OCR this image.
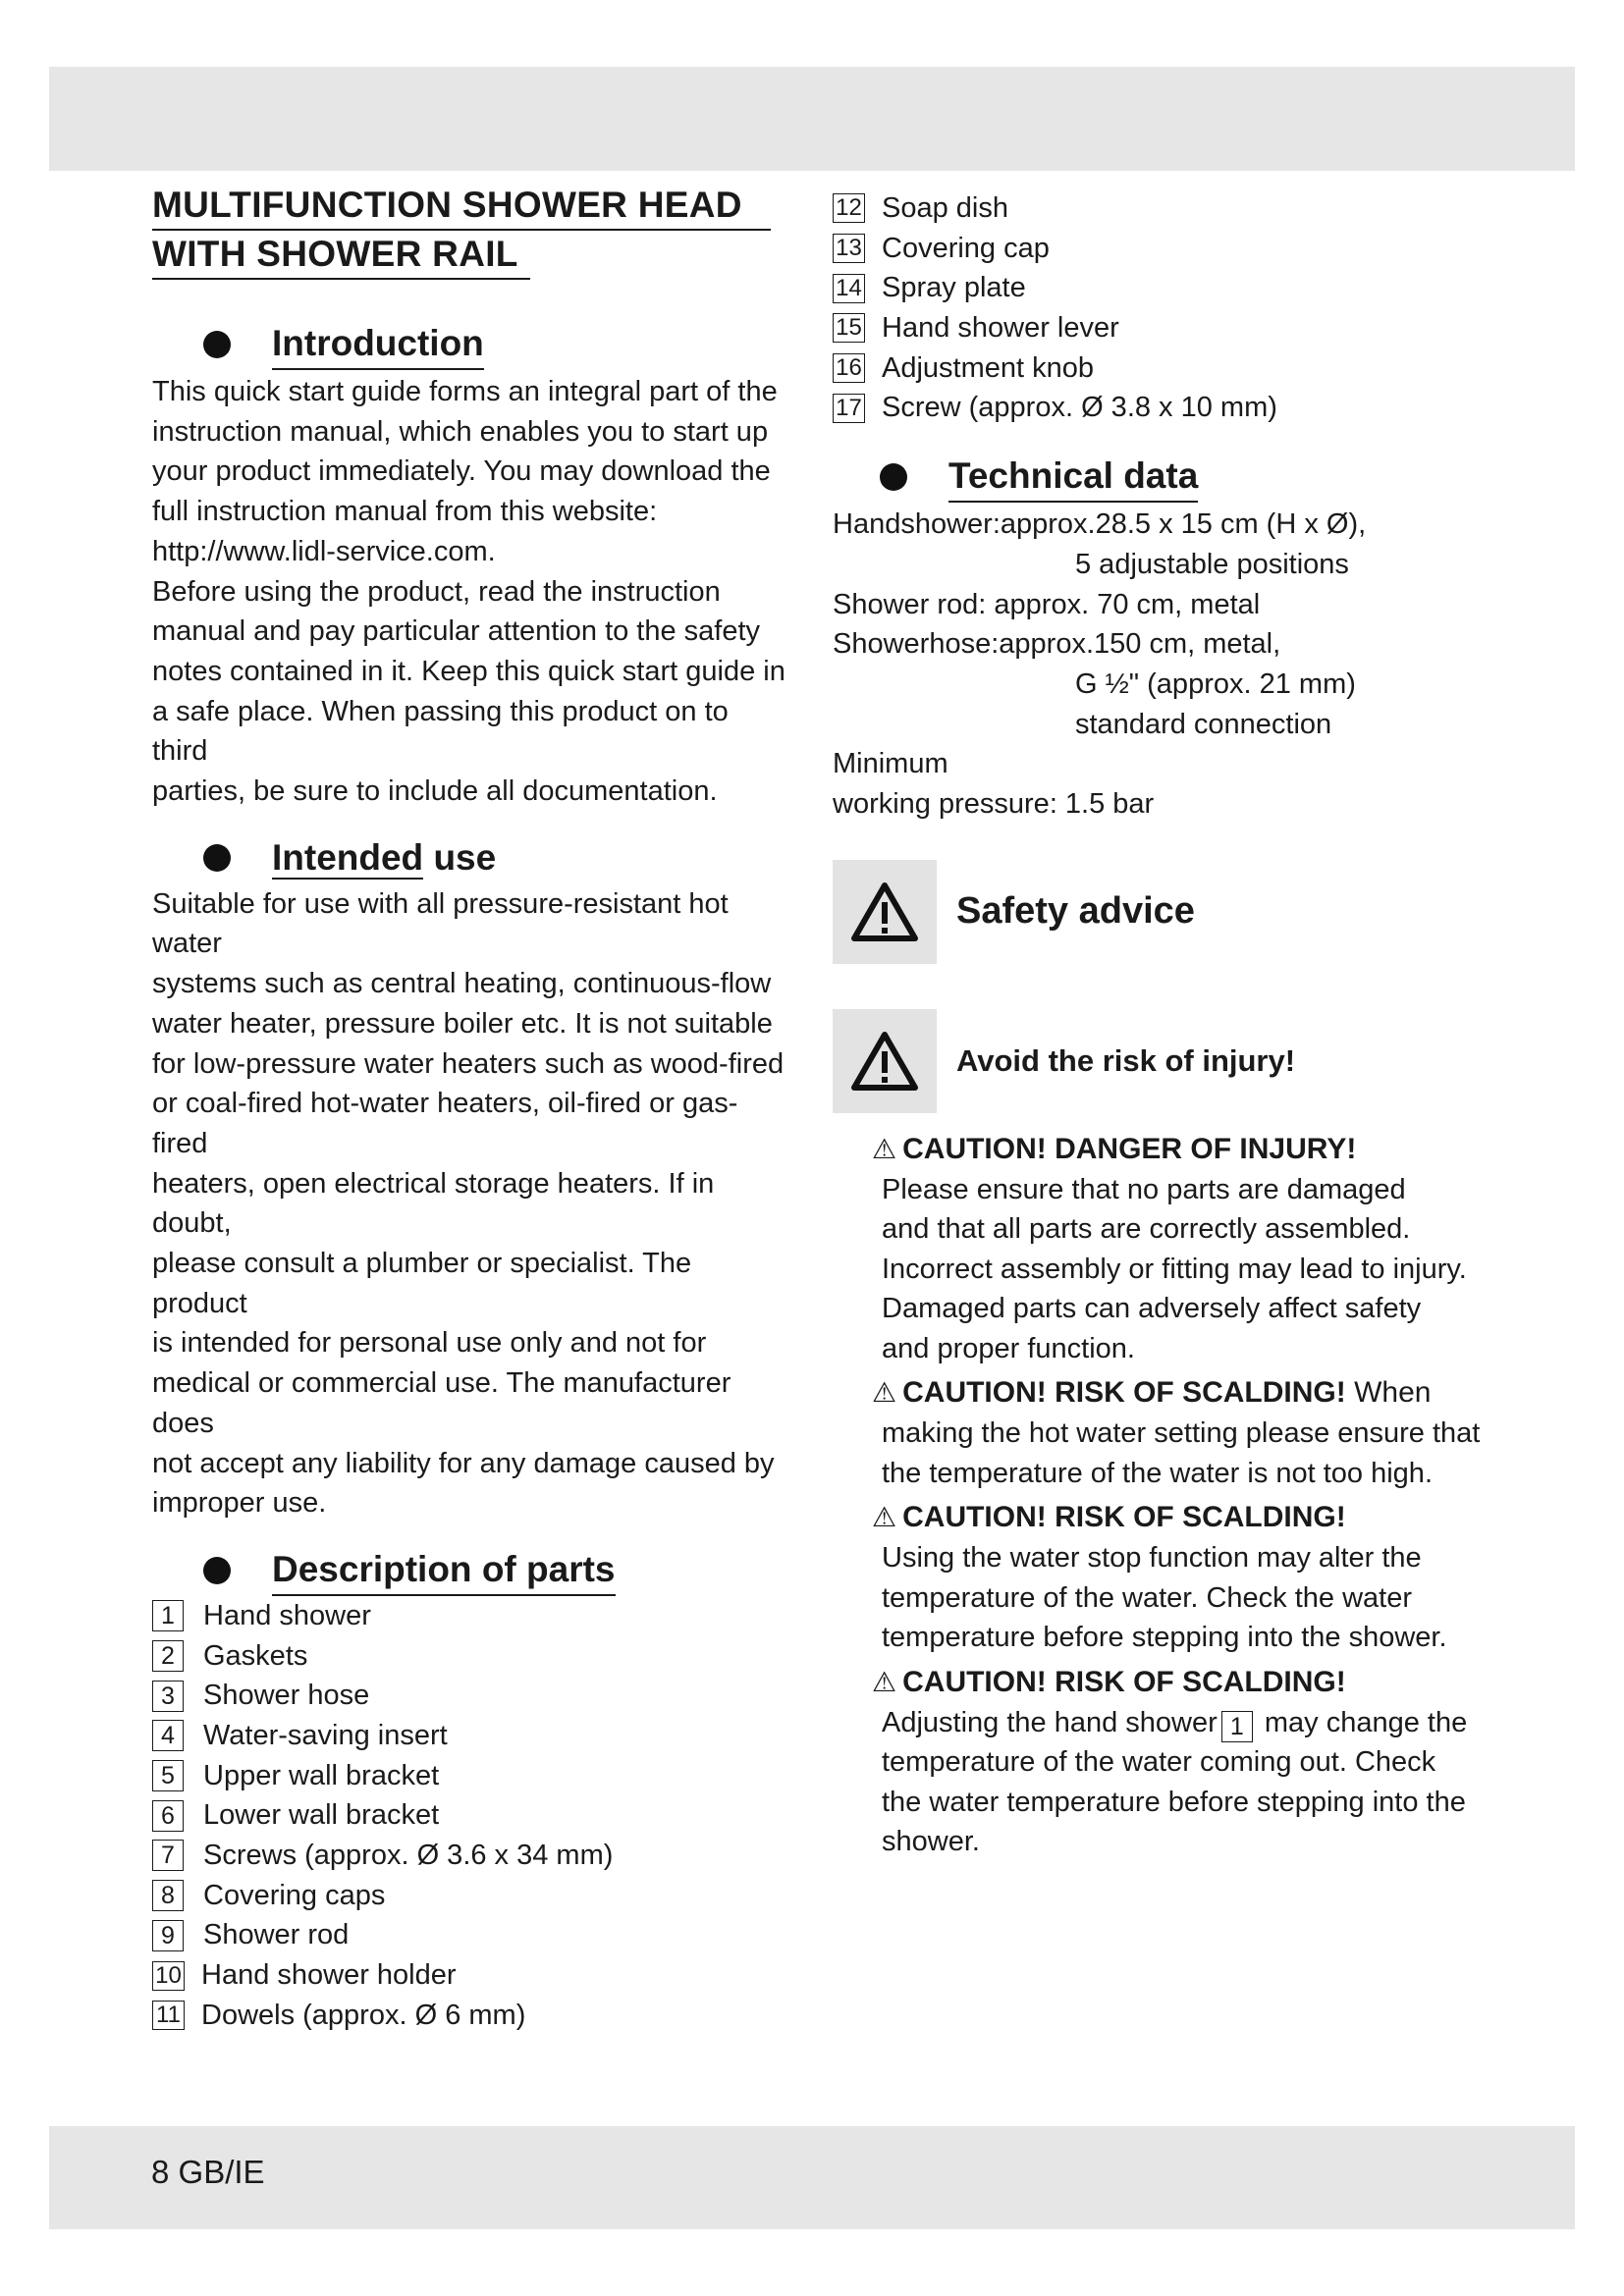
MULTIFUNCTION SHOWER HEAD
WITH SHOWER RAIL
Introduction

This quick start guide forms an integral part of the
instruction manual, which enables you to start up
your product immediately. You may download the
full instruction manual from this website:
http://www.lidl-service.com.
Before using the product, read the instruction
manual and pay particular attention to the safety
notes contained in it. Keep this quick start guide in
a safe place. When passing this product on to third
parties, be sure to include all documentation.

Intended use

Suitable for use with all pressure-resistant hot water
systems such as central heating, continuous-flow
water heater, pressure boiler etc. It is not suitable
for low-pressure water heaters such as wood-fired
or coal-fired hot-water heaters, oil-fired or gas-fired
heaters, open electrical storage heaters. If in doubt,
please consult a plumber or specialist. The product
is intended for personal use only and not for
medical or commercial use. The manufacturer does
not accept any liability for any damage caused by
improper use.

Description of parts
1	Hand shower
2	Gaskets
3	Shower hose
4	Water-saving insert
5	Upper wall bracket
6	Lower wall bracket
7	Screws (approx. Ø 3.6 x 34 mm)
8	Covering caps
9	Shower rod
10 Hand shower holder
11 Dowels (approx. Ø 6 mm)
12 Soap dish
13 Covering cap
14 Spray plate
15 Hand shower lever
16 Adjustment knob
17 Screw (approx. Ø 3.8 x 10 mm)
Technical data
Handshower:approx.28.5 x 15 cm (H x Ø),
5 adjustable positions
Shower rod: approx. 70 cm, metal
Showerhose:approx.150 cm, metal,
G ½" (approx. 21 mm)
standard connection
Minimum
working pressure: 1.5 bar
Safety advice
Avoid the risk of injury!
⚠ CAUTION! DANGER OF INJURY!

Please ensure that no parts are damaged
and that all parts are correctly assembled.
Incorrect assembly or fitting may lead to injury.
Damaged parts can adversely affect safety
and proper function.

⚠ CAUTION! RISK OF SCALDING! When

making the hot water setting please ensure that
the temperature of the water is not too high.

⚠ CAUTION! RISK OF SCALDING!

Using the water stop function may alter the
temperature of the water. Check the water
temperature before stepping into the shower.

⚠ CAUTION! RISK OF SCALDING!

Adjusting the hand shower 1 may change the
temperature of the water coming out. Check
the water temperature before stepping into the
shower.

8 GB/IE
